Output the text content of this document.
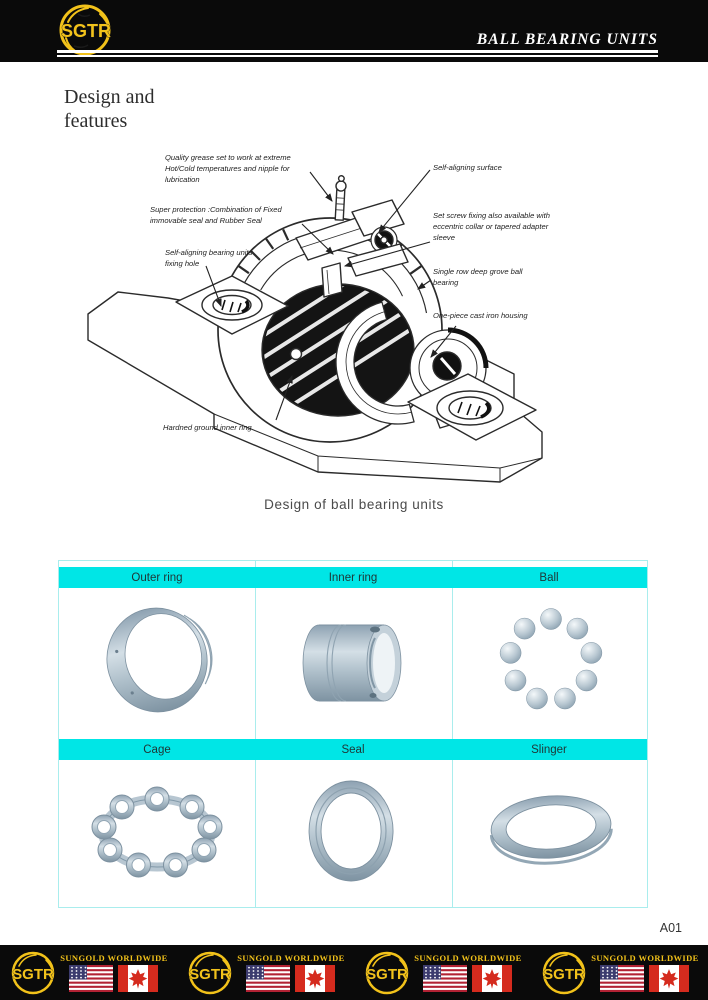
SGTR	BALL BEARING UNITS
Design and features
Quality grease set to work at extreme Hot/Cold temperatures and nipple for lubrication
Super protection :Combination of Fixed immovable seal and Rubber Seal
Self-aligning bearing units fixing hole
Hardned ground inner ring
Self-aligning surface
Set screw fixing also available with eccentric collar or tapered adapter sleeve
Single row deep grove ball bearing
One-piece cast iron housing
Design of ball bearing units
Outer ring	Inner ring	Ball
Cage	Seal	Slinger
A01
SGTR
SUNGOLD WORLDWIDE
SGTR
SUNGOLD WORLDWIDE
SGTR
SUNGOLD WORLDWIDE
SGTR
SUNGOLD WORLDWIDE
